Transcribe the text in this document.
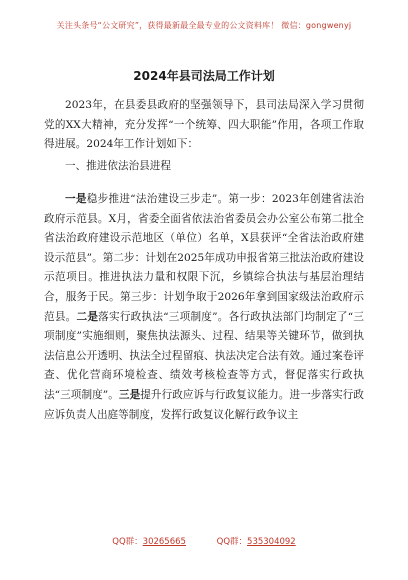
关注头条号“公文研究”，获得最新最全最专业的公文资料库！ 微信：gongwenyj
2024年县司法局工作计划

2023年，在县委县政府的坚强领导下，县司法局深入学习贯彻党的XX大精神，充分发挥“一个统筹、四大职能”作用，各项工作取得进展。2024年工作计划如下：

一、推进依法治县进程

一是稳步推进“法治建设三步走”。第一步：2023年创建省法治政府示范县。X月，省委全面省依法治省委员会办公室公布第二批全省法治政府建设示范地区（单位）名单，X县获评“全省法治政府建设示范县”。第二步：计划在2025年成功申报省第三批法治政府建设示范项目。推进执法力量和权限下沉，乡镇综合执法与基层治理结合，服务于民。第三步：计划争取于2026年拿到国家级法治政府示范县。二是落实行政执法“三项制度”。各行政执法部门均制定了“三项制度”实施细则，聚焦执法源头、过程、结果等关键环节，做到执法信息公开透明、执法全过程留痕、执法决定合法有效。通过案卷评查、优化营商环境检查、绩效考核检查等方式，督促落实行政执法“三项制度”。三是提升行政应诉与行政复议能力。进一步落实行政应诉负责人出庭等制度，发挥行政复议化解行政争议主

QQ群：30265665	QQ群：535304092
